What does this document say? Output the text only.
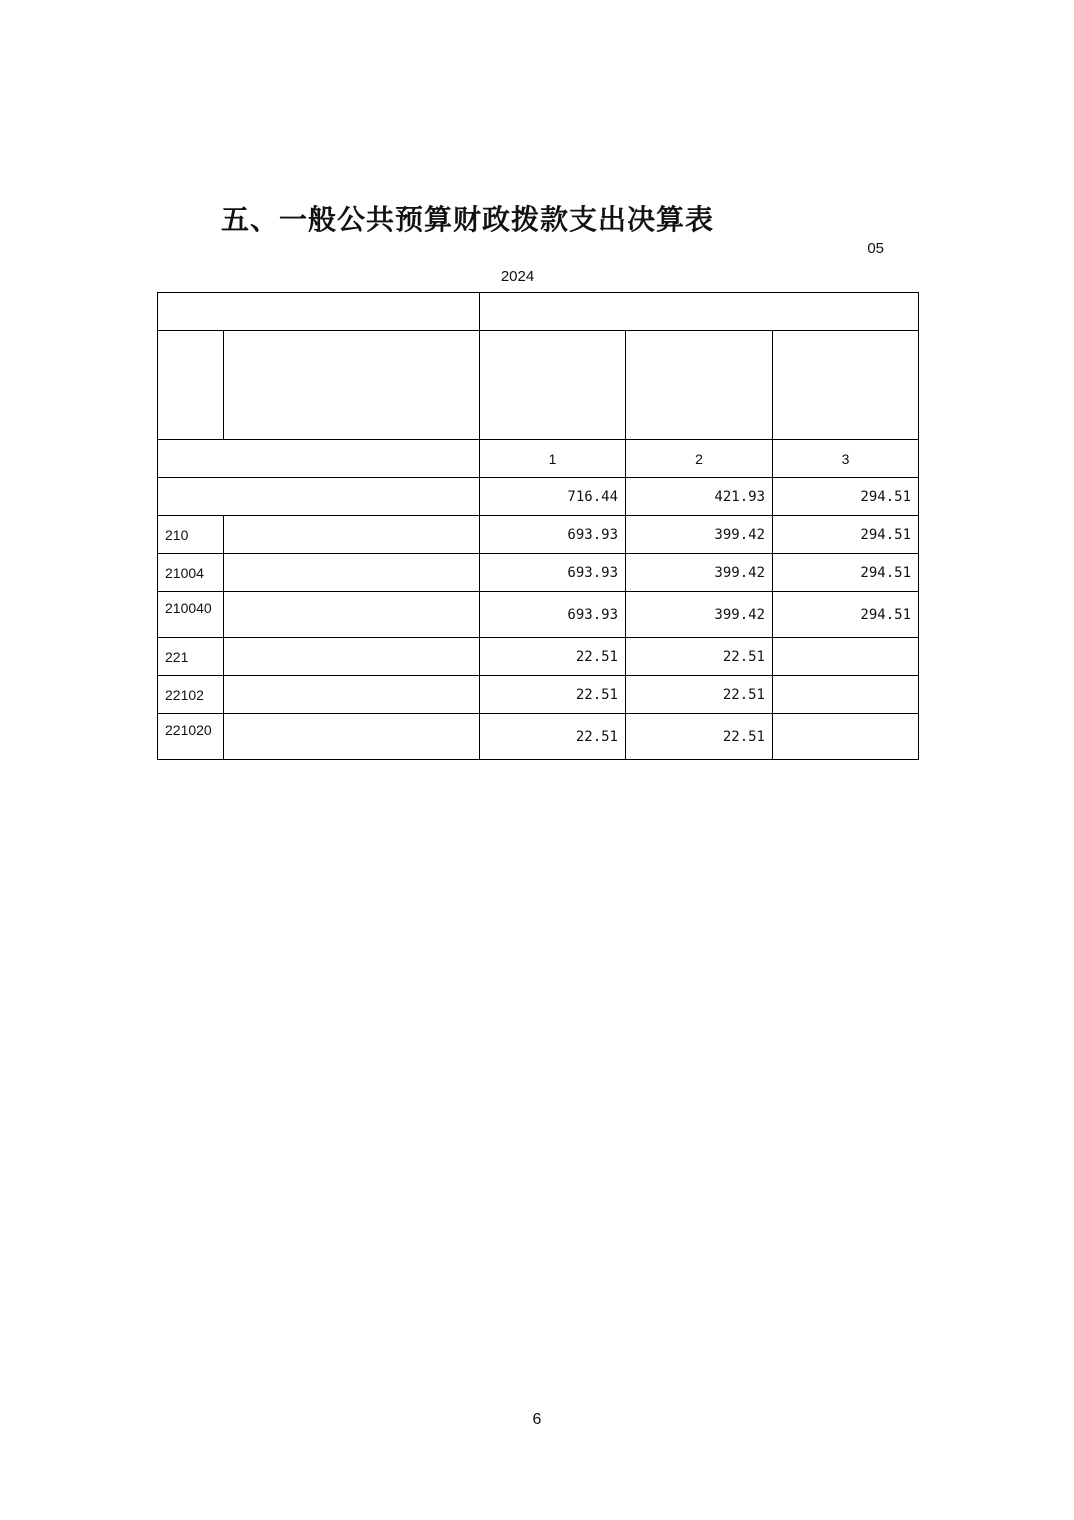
五、一般公共预算财政拨款支出决算表
05
2024

		1	2	3
		716.44	421.93	294.51
210		693.93	399.42	294.51
21004		693.93	399.42	294.51
210040		693.93	399.42	294.51
221		22.51	22.51	
22102		22.51	22.51	
221020		22.51	22.51	
6
